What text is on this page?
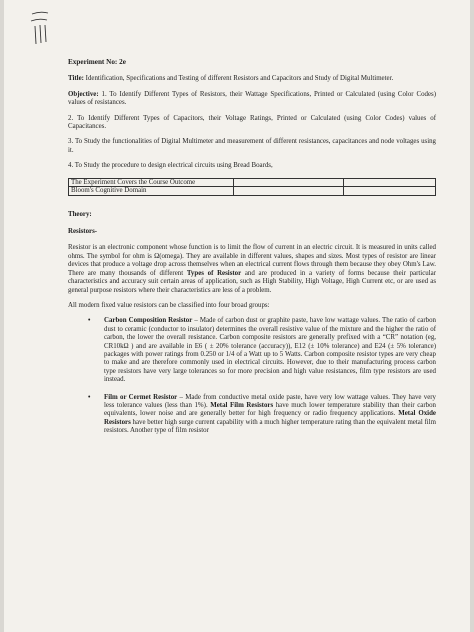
Experiment No: 2e

Title: Identification, Specifications and Testing of different Resistors and Capacitors and Study of Digital Multimeter.

Objective: 1. To Identify Different Types of Resistors, their Wattage Specifications, Printed or Calculated (using Color Codes) values of resistances.

2. To Identify Different Types of Capacitors, their Voltage Ratings, Printed or Calculated (using Color Codes) values of Capacitances.

3. To Study the functionalities of Digital Multimeter and measurement of different resistances, capacitances and node voltages using it.

4. To Study the procedure to design electrical circuits using Bread Boards,

The Experiment Covers the Course Outcome		
Bloom's Cognitive Domain		
Theory:
Resistors-

Resistor is an electronic component whose function is to limit the flow of current in an electric circuit. It is measured in units called ohms. The symbol for ohm is Ω(omega). They are available in different values, shapes and sizes. Most types of resistor are linear devices that produce a voltage drop across themselves when an electrical current flows through them because they obey Ohm's Law. There are many thousands of different Types of Resistor and are produced in a variety of forms because their particular characteristics and accuracy suit certain areas of application, such as High Stability, High Voltage, High Current etc, or are used as general purpose resistors where their characteristics are less of a problem.

All modern fixed value resistors can be classified into four broad groups:

• Carbon Composition Resistor – Made of carbon dust or graphite paste, have low wattage values. The ratio of carbon dust to ceramic (conductor to insulator) determines the overall resistive value of the mixture and the higher the ratio of carbon, the lower the overall resistance. Carbon composite resistors are generally prefixed with a “CR” notation (eg, CR10kΩ ) and are available in E6 ( ± 20% tolerance (accuracy)), E12 (± 10% tolerance) and E24 (± 5% tolerance) packages with power ratings from 0.250 or 1/4 of a Watt up to 5 Watts. Carbon composite resistor types are very cheap to make and are therefore commonly used in electrical circuits. However, due to their manufacturing process carbon type resistors have very large tolerances so for more precision and high value resistances, film type resistors are used instead.
• Film or Cermet Resistor – Made from conductive metal oxide paste, have very low wattage values. They have very less tolerance values (less than 1%). Metal Film Resistors have much lower temperature stability than their carbon equivalents, lower noise and are generally better for high frequency or radio frequency applications. Metal Oxide Resistors have better high surge current capability with a much higher temperature rating than the equivalent metal film resistors. Another type of film resistor
